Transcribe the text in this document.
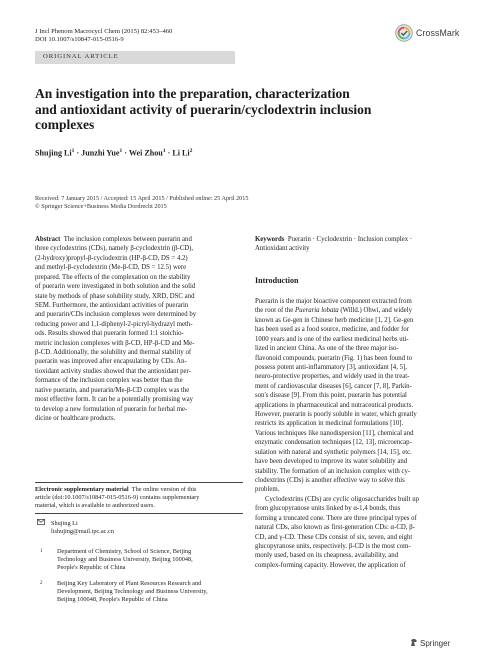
J Incl Phenom Macrocycl Chem (2015) 82:453–460
DOI 10.1007/s10847-015-0516-9
CrossMark
ORIGINAL ARTICLE
An investigation into the preparation, characterization
and antioxidant activity of puerarin/cyclodextrin inclusion
complexes
Shujing $Li^1$ · Junzhi Yue$^1$ · Wei Zhou$^1$ · Li Li$^2$
Received: 7 January 2015 / Accepted: 15 April 2015 / Published online: 25 April 2015
© Springer Science+Business Media Dordrecht 2015
Abstract The inclusion complexes between puerarin and
three cyclodextrins (CDs), namely β-cyclodextrin (β-CD),
(2-hydroxy)propyl-β-cyclodextrin (HP-β-CD, DS = 4.2)
and methyl-β-cyclodextrin (Me-β-CD, DS = 12.5) were
prepared. The effects of the complexation on the stability
of puerarin were investigated in both solution and the solid
state by methods of phase solubility study, XRD, DSC and
SEM. Furthermore, the antioxidant activities of puerarin
and puerarin/CDs inclusion complexes were determined by
reducing power and 1,1-diphenyl-2-picryl-hydrazyl meth-
ods. Results showed that puerarin formed 1:1 stoichio-
metric inclusion complexes with β-CD, HP-β-CD and Me-
β-CD. Additionally, the solubility and thermal stability of
puerarin was improved after encapsulating by CDs. An-
tioxidant activity studies showed that the antioxidant per-
formance of the inclusion complex was better than the
native puerarin, and puerarin/Me-β-CD complex was the
most effective form. It can be a potentially promising way
to develop a new formulation of puerarin for herbal me-
dicine or healthcare products.
Electronic supplementary material The online version of this
article (doi:10.1007/s10847-015-0516-9) contains supplementary
material, which is available to authorized users.
Shujing Li
lishujing@mail.ipc.ac.cn
1 Department of Chemistry, School of Science, Beijing
Technology and Business University, Beijing 100048,
People's Republic of China
2 Beijing Key Laboratory of Plant Resources Research and
Development, Beijing Technology and Business University,
Beijing 100048, People's Republic of China
Keywords Puerarin · Cyclodextrin · Inclusion complex ·
Antioxidant activity
Introduction
Puerarin is the major bioactive component extracted from
the root of the Pueraria lobata (Willd.) Ohwi, and widely
known as Ge-gen in Chinese herb medicine [1, 2]. Ge-gen
has been used as a food source, medicine, and fodder for
1000 years and is one of the earliest medicinal herbs uti-
lized in ancient China. As one of the three major iso-
flavonoid compounds, puerarin (Fig. 1) has been found to
possess potent anti-inflammatory [3], antioxidant [4, 5],
neuro-protective properties, and widely used in the treat-
ment of cardiovascular diseases [6], cancer [7, 8], Parkin-
son's disease [9]. From this point, puerarin has potential
applications in pharmaceutical and nutraceutical products.
However, puerarin is poorly soluble in water, which greatly
restricts its application in medicinal formulations [10].
Various techniques like nanodispersion [11], chemical and
enzymatic condensation techniques [12, 13], microencap-
sulation with natural and synthetic polymers [14, 15], etc.
have been developed to improve its water solubility and
stability. The formation of an inclusion complex with cy-
clodextrins (CDs) is another effective way to solve this
problem.
Cyclodextrins (CDs) are cyclic oligosaccharides built up
from glucopyranose units linked by α-1,4 bonds, thus
forming a truncated cone. There are three principal types of
natural CDs, also known as first-generation CDs: α-CD, β-
CD, and γ-CD. These CDs consist of six, seven, and eight
glucopyranose units, respectively. β-CD is the most com-
monly used, based on its cheapness, availability, and
complex-forming capacity. However, the application of
Springer
